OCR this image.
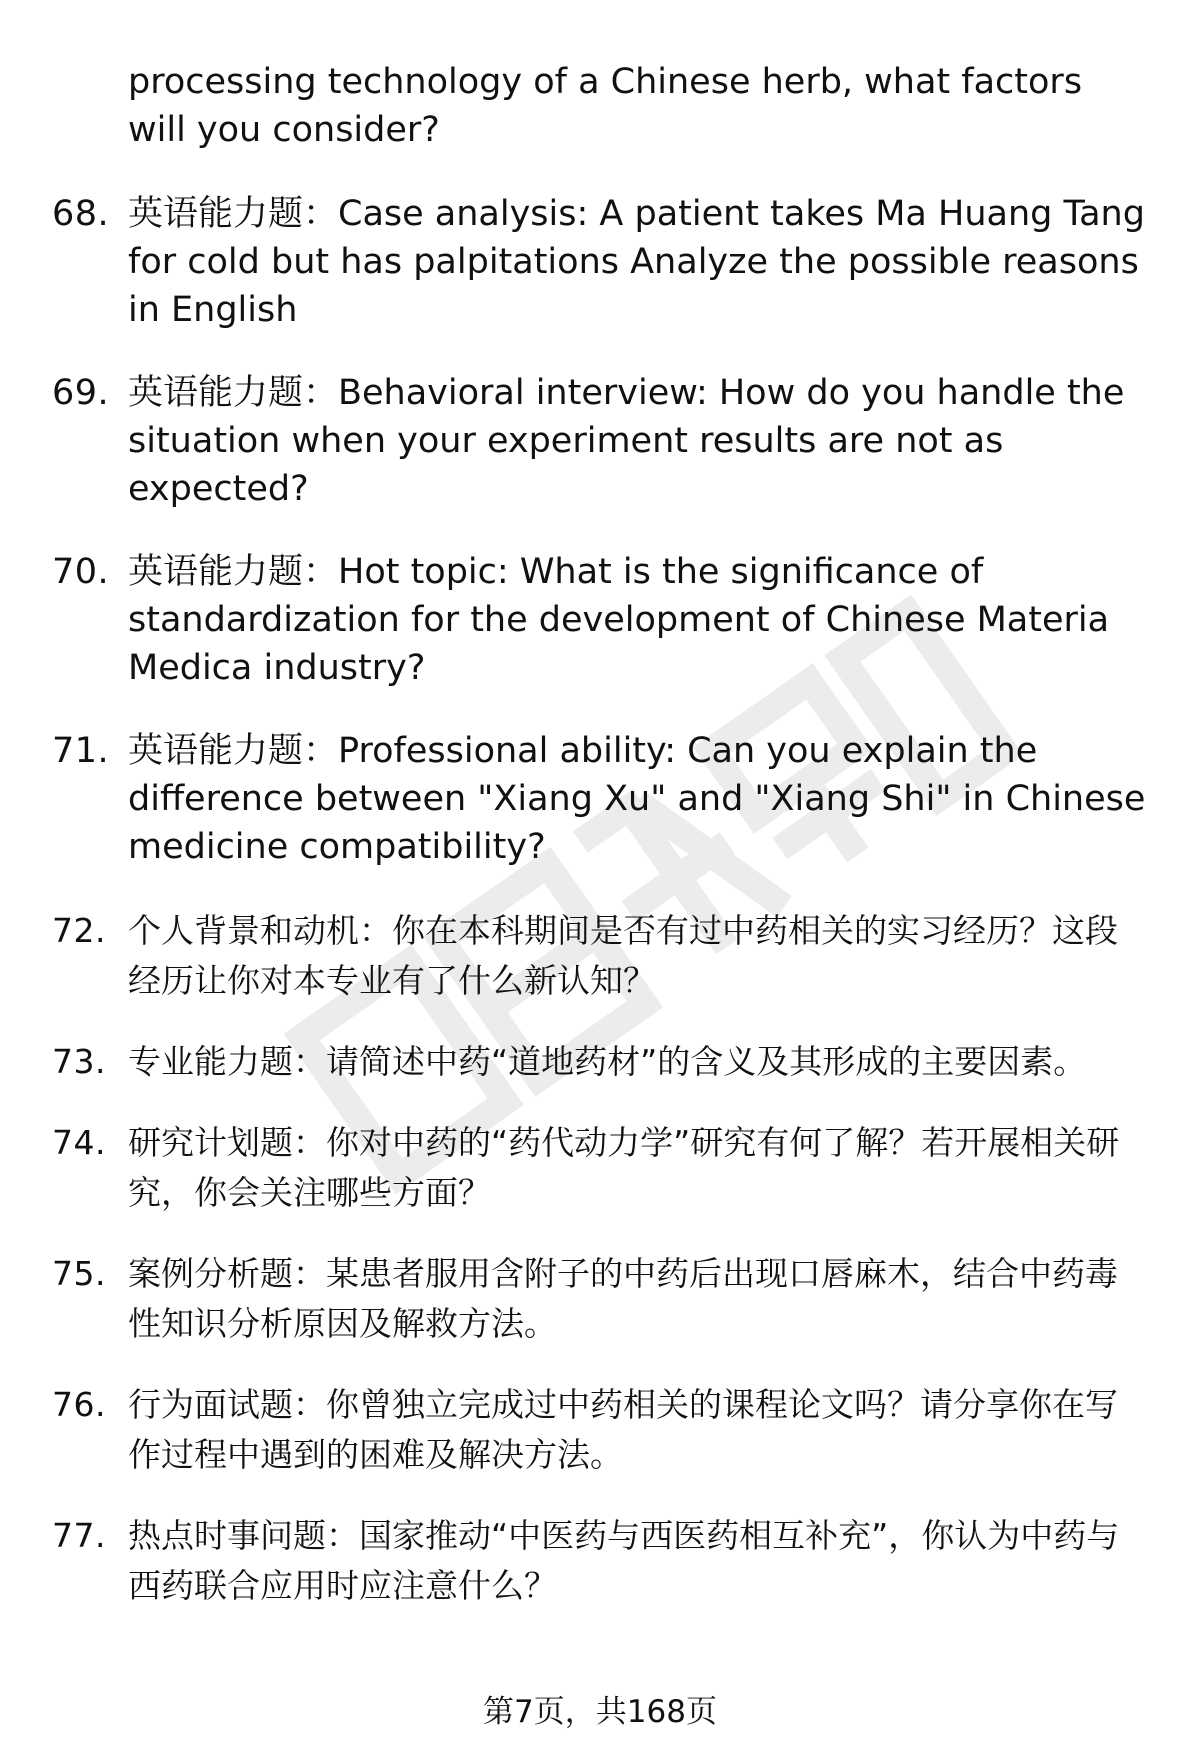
processing technology of a Chinese herb, what factors will you consider?

68. 英语能力题：Case analysis: A patient takes Ma Huang Tang for cold but has palpitations Analyze the possible reasons in English
69. 英语能力题：Behavioral interview: How do you handle the situation when your experiment results are not as expected?
70. 英语能力题：Hot topic: What is the significance of standardization for the development of Chinese Materia Medica industry?
71. 英语能力题：Professional ability: Can you explain the difference between "Xiang Xu" and "Xiang Shi" in Chinese medicine compatibility?
72. 个人背景和动机：你在本科期间是否有过中药相关的实习经历？这段经历让你对本专业有了什么新认知？
73. 专业能力题：请简述中药“道地药材”的含义及其形成的主要因素。
74. 研究计划题：你对中药的“药代动力学”研究有何了解？若开展相关研究，你会关注哪些方面？
75. 案例分析题：某患者服用含附子的中药后出现口唇麻木，结合中药毒性知识分析原因及解救方法。
76. 行为面试题：你曾独立完成过中药相关的课程论文吗？请分享你在写作过程中遇到的困难及解决方法。
77. 热点时事问题：国家推动“中医药与西医药相互补充”，你认为中药与西药联合应用时应注意什么？
第7页，共168页
